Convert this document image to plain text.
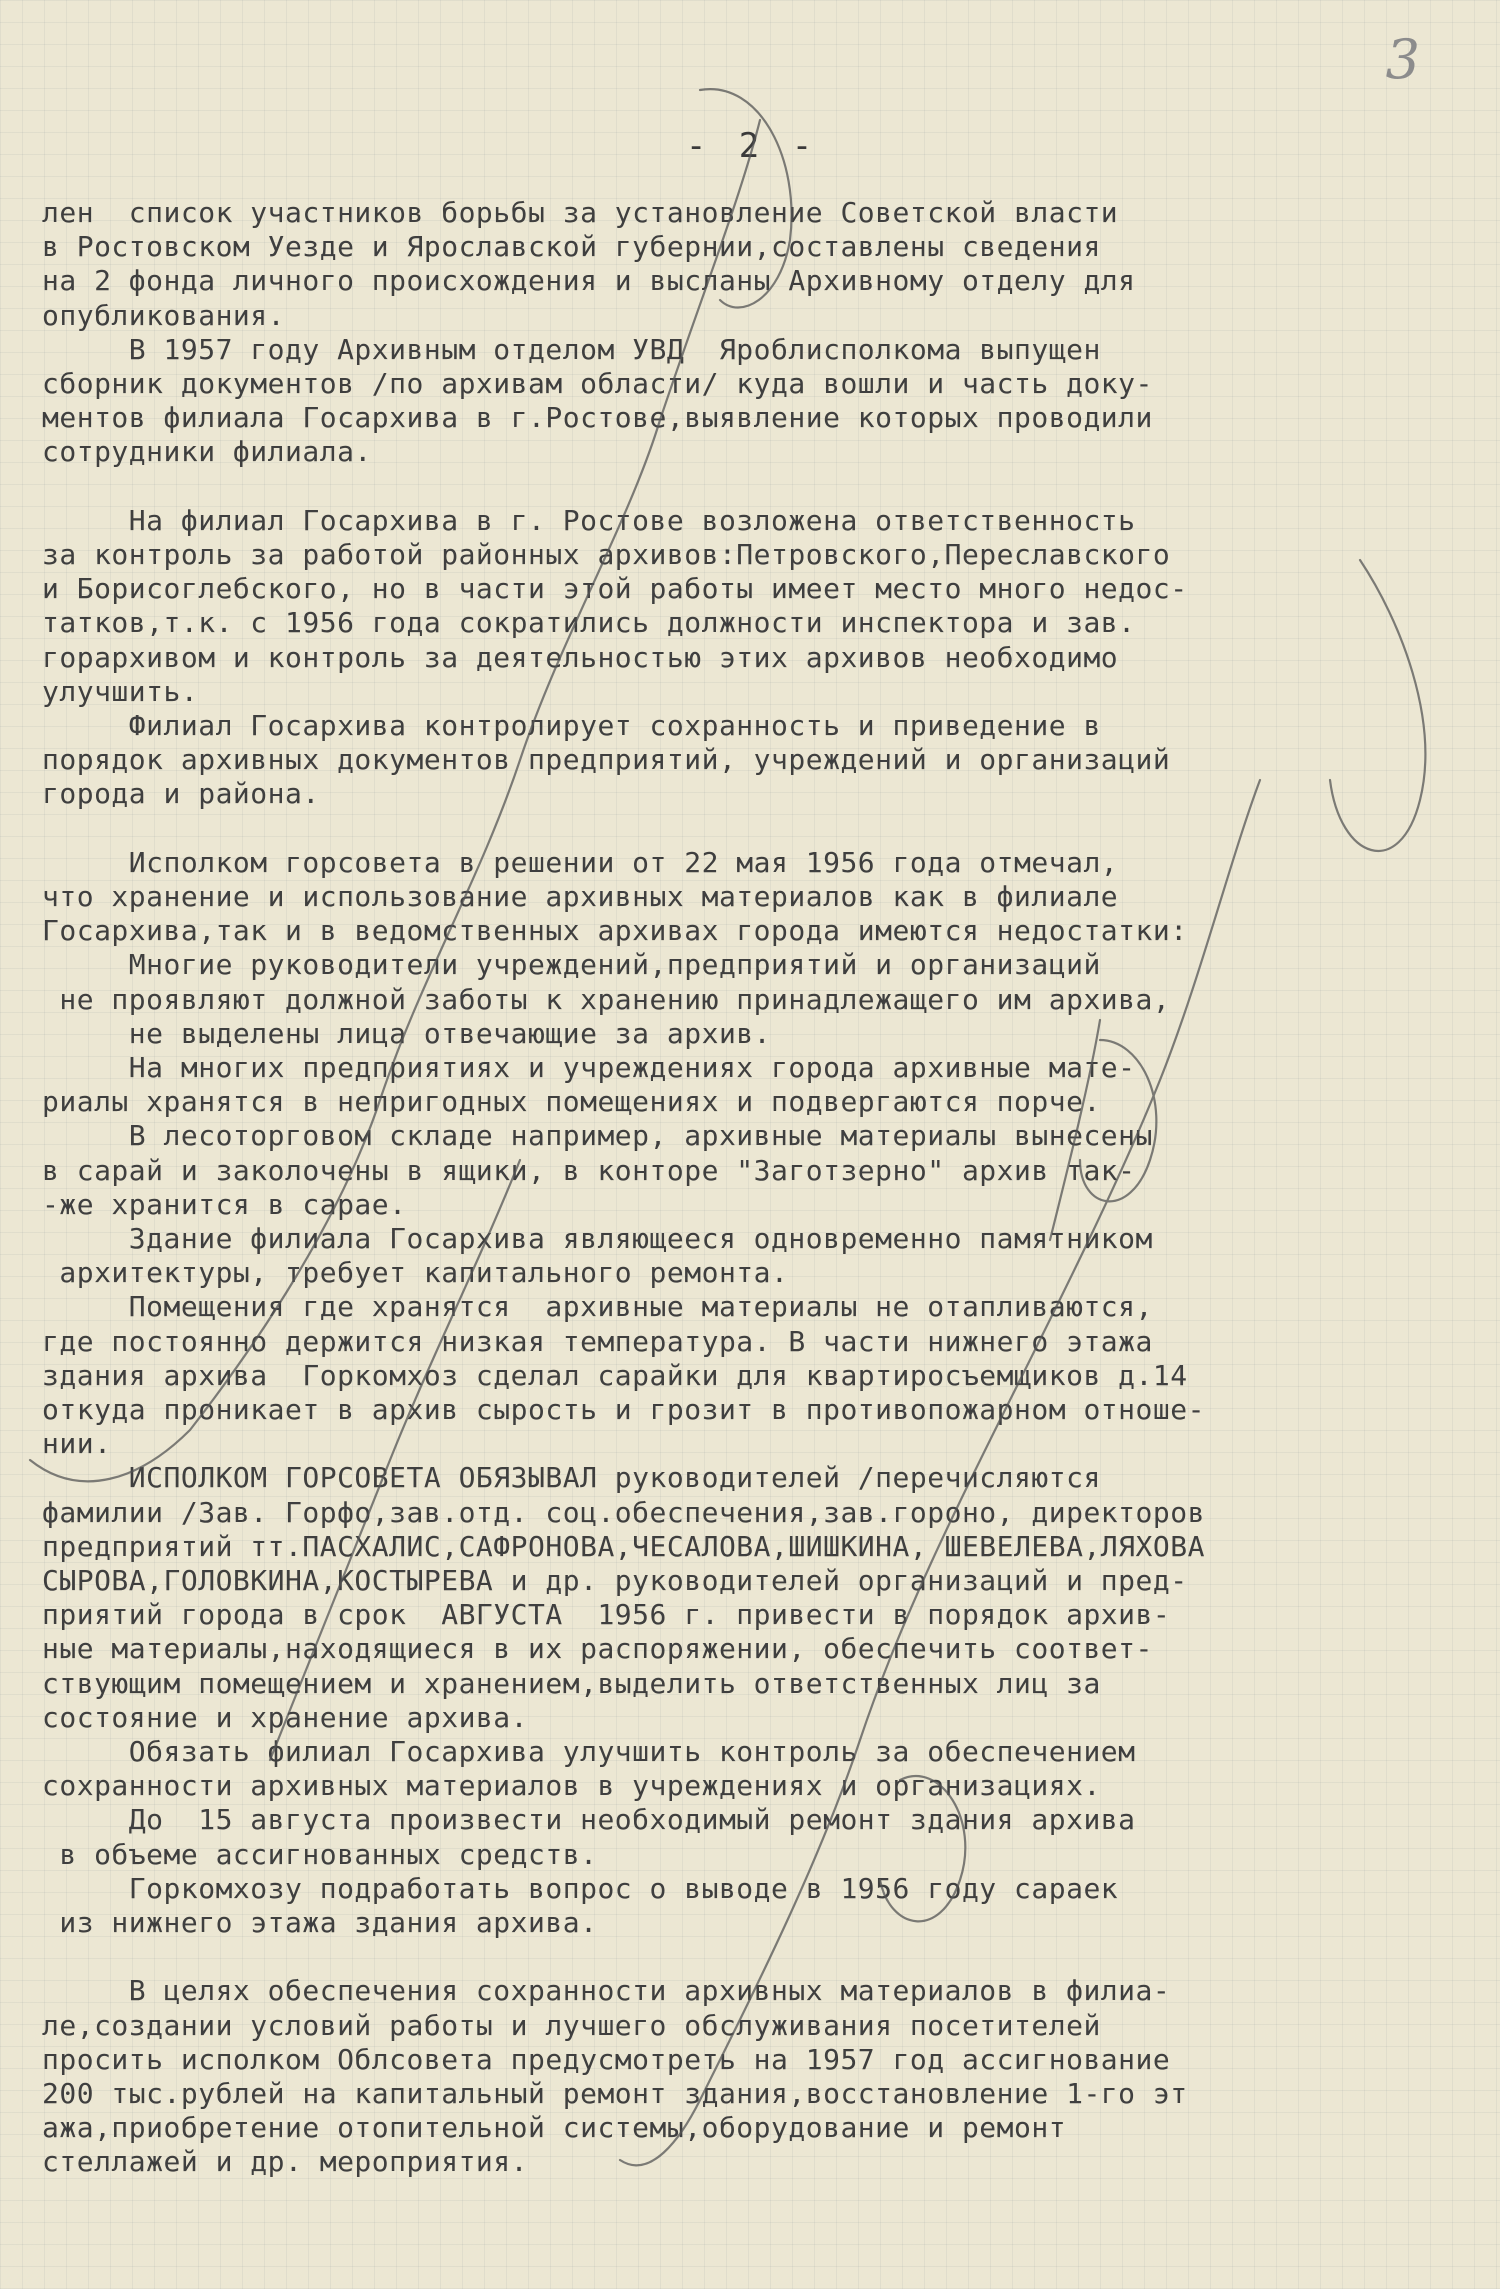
3

- 2 -

лен  список участников борьбы за установление Советской власти
в Ростовском Уезде и Ярославской губернии,составлены сведения
на 2 фонда личного происхождения и высланы Архивному отделу для
опубликования.
В 1957 году Архивным отделом УВД  Яроблисполкома выпущен
сборник документов /по архивам области/ куда вошли и часть доку-
ментов филиала Госархива в г.Ростове,выявление которых проводили
сотрудники филиала.
На филиал Госархива в г. Ростове возложена ответственность
за контроль за работой районных архивов:Петровского,Переславского
и Борисоглебского, но в части этой работы имеет место много недос-
татков,т.к. с 1956 года сократились должности инспектора и зав.
горархивом и контроль за деятельностью этих архивов необходимо
улучшить.
Филиал Госархива контролирует сохранность и приведение в
порядок архивных документов предприятий, учреждений и организаций
города и района.
Исполком горсовета в решении от 22 мая 1956 года отмечал,
что хранение и использование архивных материалов как в филиале
Госархива,так и в ведомственных архивах города имеются недостатки:
Многие руководители учреждений,предприятий и организаций
не проявляют должной заботы к хранению принадлежащего им архива,
не выделены лица отвечающие за архив.
На многих предприятиях и учреждениях города архивные мате-
риалы хранятся в непригодных помещениях и подвергаются порче.
В лесоторговом складе например, архивные материалы вынесены
в сарай и заколочены в ящики, в конторе "Заготзерно" архив так-
-же хранится в сарае.
Здание филиала Госархива являющееся одновременно памятником
архитектуры, требует капитального ремонта.
Помещения где хранятся  архивные материалы не отапливаются,
где постоянно держится низкая температура. В части нижнего этажа
здания архива  Горкомхоз сделал сарайки для квартиросъемщиков д.14
откуда проникает в архив сырость и грозит в противопожарном отноше-
нии.
ИСПОЛКОМ ГОРСОВЕТА ОБЯЗЫВАЛ руководителей /перечисляются
фамилии /Зав. Горфо,зав.отд. соц.обеспечения,зав.гороно, директоров
предприятий тт.ПАСХАЛИС,САФРОНОВА,ЧЕСАЛОВА,ШИШКИНА, ШЕВЕЛЕВА,ЛЯХОВА
СЫРОВА,ГОЛОВКИНА,КОСТЫРЕВА и др. руководителей организаций и пред-
приятий города в срок  АВГУСТА  1956 г. привести в порядок архив-
ные материалы,находящиеся в их распоряжении, обеспечить соответ-
ствующим помещением и хранением,выделить ответственных лиц за
состояние и хранение архива.
Обязать филиал Госархива улучшить контроль за обеспечением
сохранности архивных материалов в учреждениях и организациях.
До  15 августа произвести необходимый ремонт здания архива
в объеме ассигнованных средств.
Горкомхозу подработать вопрос о выводе в 1956 году сараек
из нижнего этажа здания архива.
В целях обеспечения сохранности архивных материалов в филиа-
ле,создании условий работы и лучшего обслуживания посетителей
просить исполком Облсовета предусмотреть на 1957 год ассигнование
200 тыс.рублей на капитальный ремонт здания,восстановление 1-го эт
ажа,приобретение отопительной системы,оборудование и ремонт
стеллажей и др. мероприятия.
